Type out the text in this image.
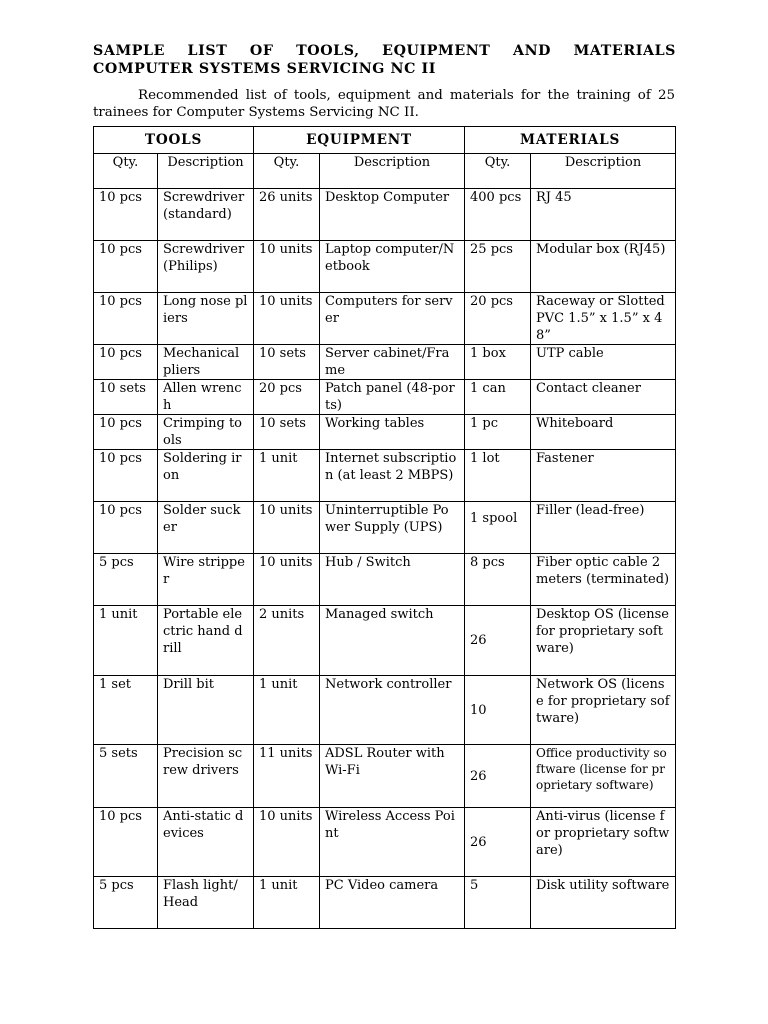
SAMPLE LIST OF TOOLS, EQUIPMENT AND MATERIALS COMPUTER SYSTEMS SERVICING NC II
Recommended list of tools, equipment and materials for the training of 25 trainees for Computer Systems Servicing NC II.
TOOLS		EQUIPMENT		MATERIALS	
Qty.	Description	Qty.	Description	Qty.	Description
10 pcs	Screwdriver (standard)	26 units	Desktop Computer	400 pcs	RJ 45
10 pcs	Screwdriver (Philips)	10 units	Laptop computer/Netbook	25 pcs	Modular box (RJ45)
10 pcs	Long nose pliers	10 units	Computers for server	20 pcs	Raceway or Slotted PVC 1.5” x 1.5” x 48”
10 pcs	Mechanical pliers	10 sets	Server cabinet/Frame	1 box	UTP cable
10 sets	Allen wrench	20 pcs	Patch panel (48-ports)	1 can	Contact cleaner
10 pcs	Crimping tools	10 sets	Working tables	1 pc	Whiteboard
10 pcs	Soldering iron	1 unit	Internet subscription (at least 2 MBPS)	1 lot	Fastener
10 pcs	Solder sucker	10 units	Uninterruptible Power Supply (UPS)	1 spool	Filler (lead-free)
5 pcs	Wire stripper	10 units	Hub / Switch	8 pcs	Fiber optic cable 2 meters (terminated)
1 unit	Portable electric hand drill	2 units	Managed switch	26	Desktop OS (license for proprietary software)
1 set	Drill bit	1 unit	Network controller	10	Network OS (license for proprietary software)
5 sets	Precision screw drivers	11 units	ADSL Router with Wi-Fi	26	Office productivity software (license for proprietary software)
10 pcs	Anti-static devices	10 units	Wireless Access Point	26	Anti-virus (license for proprietary software)
5 pcs	Flash light/Head	1 unit	PC Video camera	5	Disk utility software
